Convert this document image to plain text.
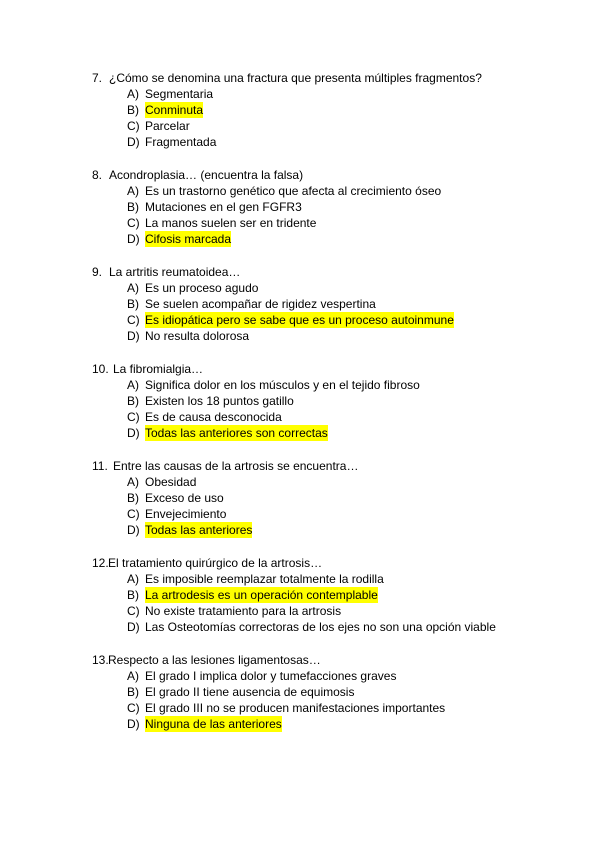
7. ¿Cómo se denomina una fractura que presenta múltiples fragmentos?
A) Segmentaria
B) Conminuta
C) Parcelar
D) Fragmentada
8. Acondroplasia… (encuentra la falsa)
A) Es un trastorno genético que afecta al crecimiento óseo
B) Mutaciones en el gen FGFR3
C) La manos suelen ser en tridente
D) Cifosis marcada
9. La artritis reumatoidea…
A) Es un proceso agudo
B) Se suelen acompañar de rigidez vespertina
C) Es idiopática pero se sabe que es un proceso autoinmune
D) No resulta dolorosa
10. La fibromialgia…
A) Significa dolor en los músculos y en el tejido fibroso
B) Existen los 18 puntos gatillo
C) Es de causa desconocida
D) Todas las anteriores son correctas
11. Entre las causas de la artrosis se encuentra…
A) Obesidad
B) Exceso de uso
C) Envejecimiento
D) Todas las anteriores
12. El tratamiento quirúrgico de la artrosis…
A) Es imposible reemplazar totalmente la rodilla
B) La artrodesis es un operación contemplable
C) No existe tratamiento para la artrosis
D) Las Osteotomías correctoras de los ejes no son una opción viable
13. Respecto a las lesiones ligamentosas…
A) El grado I implica dolor y tumefacciones graves
B) El grado II tiene ausencia de equimosis
C) El grado III no se producen manifestaciones importantes
D) Ninguna de las anteriores
